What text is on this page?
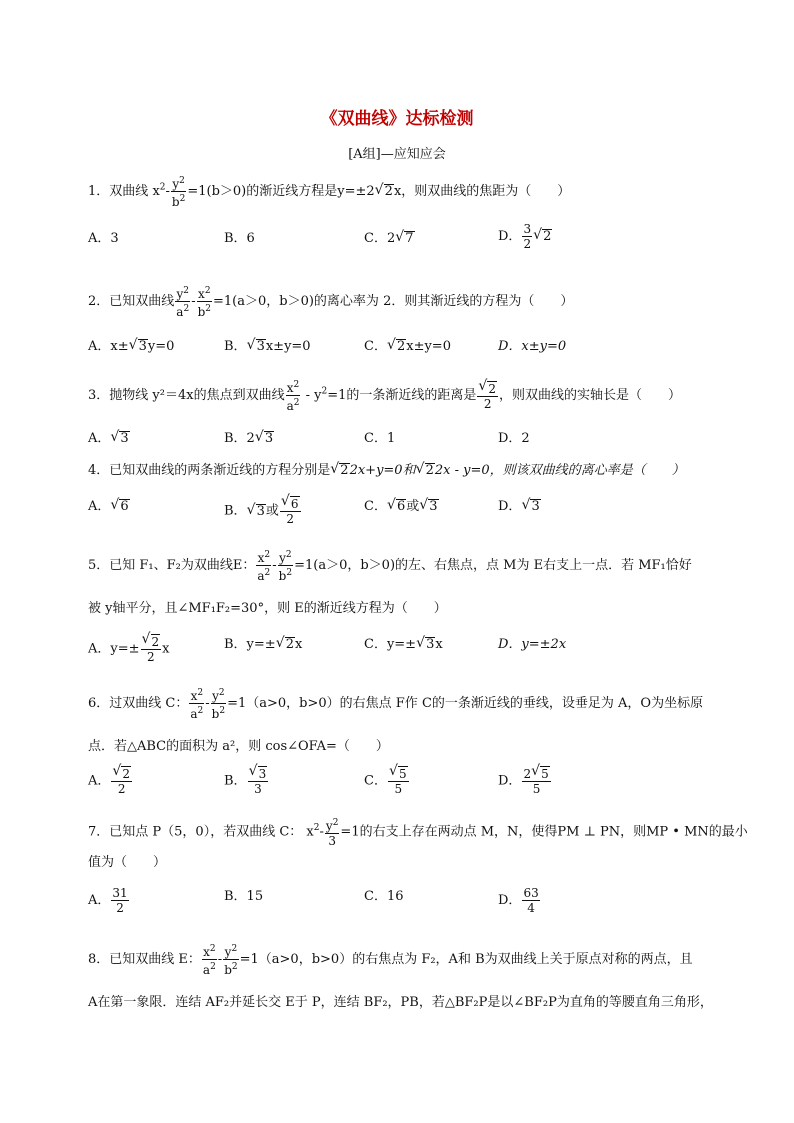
《双曲线》达标检测
[A组]—应知应会
1．双曲线 $x^2- \frac{y^2}{b^2} =1(b>0)$的渐近线方程是y=±2 √ 2x，则双曲线的焦距为（　　）
A．3	B．6	C．2 √ 7	D． $\frac{3}{2}$ √ 2
2．已知双曲线 $\frac{y^2}{a^2} - \frac{x^2}{b^2} =1(a>0$，b＞0)的离心率为 2．则其渐近线的方程为（　　）
A．x± √ 3y=0	B． √ 3x±y=0	C． √ 2x±y=0	D．x±y=0
3．抛物线 y²＝4x的焦点到双曲线 $\frac{x^2}{a^2} - y^2=1$的一条渐近线的距离是 √ $\frac{2}{2}$ ，则双曲线的实轴长是（　　）
A． √ 3	B．2 √ 3	C．1	D．2
4．已知双曲线的两条渐近线的方程分别是 √ 22x+y=0和 √ 22x - y=0，则该双曲线的离心率是（　　）
A． √ 6	B． √ 3或 √ $\frac{6}{2}$	C． √ 6或 √ 3	D． √ 3
5．已知 F₁、F₂为双曲线E： $\frac{x^2}{a^2} - \frac{y^2}{b^2} =1(a>0$，b＞0)的左、右焦点，点 M为 E右支上一点．若 MF₁恰好
被 y轴平分，且∠MF₁F₂=30°，则 E的渐近线方程为（　　）
A．y=± √ $\frac{2}{2}$ x	B．y=± √ 2x	C．y=± √ 3x	D．y=±2x
6．过双曲线 C： $\frac{x^2}{a^2} - \frac{y^2}{b^2} =1(a>0$，b>0）的右焦点 F作 C的一条渐近线的垂线，设垂足为 A，O为坐标原
点．若△ABC的面积为 a²，则 cos∠OFA=（　　）
A． √ $\frac{2}{2}$	B． √ $\frac{3}{3}$	C． √ $\frac{5}{5}$	D． $\frac{2 √ 5}{5}$
7．已知点 P（5，0），若双曲线 C： $x^2- \frac{y^2}{3} =1$的右支上存在两动点 M，N，使得PM ⊥ PN，则MP • MN的最小
值为（　　）
A． $\frac{31}{2}$	B．15	C．16	D． $\frac{63}{4}$
8．已知双曲线 E： $\frac{x^2}{a^2} - \frac{y^2}{b^2} =1(a>0$，b>0）的右焦点为 F₂，A和 B为双曲线上关于原点对称的两点，且
A在第一象限．连结 AF₂并延长交 E于 P，连结 BF₂，PB，若△BF₂P是以∠BF₂P为直角的等腰直角三角形，
